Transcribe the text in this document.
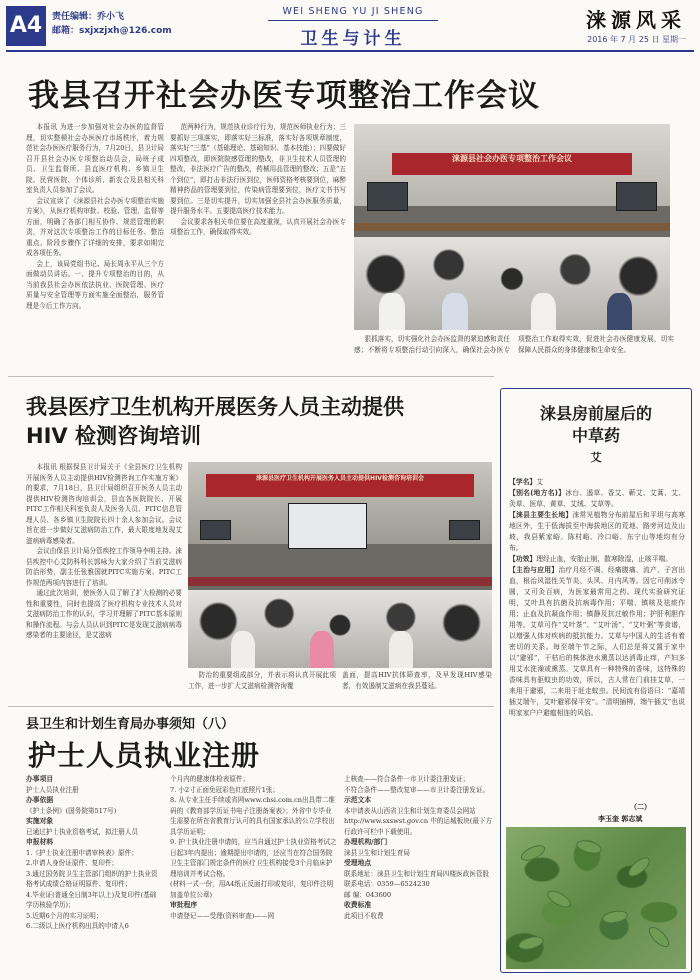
A4	责任编辑：乔小飞
邮箱：sxjxzjxh@126.com
WEI SHENG YU JI SHENG
卫生与计生
涞源风采
2016 年 7 月 25 日 星期一
我县召开社会办医专项整治工作会议

本报讯 为进一步加强对社会办医的监督管理，切实整顿社会办医医疗市场秩序，着力规范社会办医医疗服务行为，7月20日，县卫计局召开县社会办医专项整治动员会，局班子成员、卫生监督所、县直医疗机构、乡镇卫生院、民营医院、个体诊所、新农合及县相关科室负责人员参加了会议。

会议宣读了《涞源县社会办医专项整治实施方案》，从医疗机构审批、校验、管理、监督等方面，明确了各部门相互协作、规范管理的职责，并对这次专项整治工作的目标任务、整治重点、阶段步骤作了详细的安排，要求如期完成各项任务。

会上，该局党组书记、局长周永平从三个方面做动员讲话。一、提升专项整治的目的，从当前我县社会办医依法执业、医院管理、医疗质量与安全管理等方面实施全面整治，服务管理是今后工作方向。

范两种行为，规范执业诊疗行为，规范医师执业行为；三要抓好三项落实，即落实好三标准，落实好各项规章制度，落实好“三基”（基础理论、基础知识、基本技能）；四要做好四项整改，即医院院感管理的整改，非卫生技术人员管理的整改，非法医疗广告的整改，药械用品管理的整改；五是“五个到位”，即打击非法行医到位，医师资格考核要到位，麻醉精神药品的管理要到位，传染病管理要到位，医疗文书书写要到位。三是切实提升，切实加强全县社会办医服务质量，提升服务水平。五要提高医疗技术能力。

会议要求各相关单位要在高度重视，认真开展社会办医专项整治工作，确保取得实效。

涞源县社会办医专项整治工作会议

狠抓落实，切实强化社会办医监督的紧迫感和责任感；不断将专项整治行动引向深入，确保社会办医专项整治工作取得实效，促进社会办医健康发展，切实保障人民群众的身体健康和生命安全。

我县医疗卫生机构开展医务人员主动提供
HIV 检测咨询培训

本报讯 根据保县卫计局关于《全县医疗卫生机构开展医务人员主动提供HIV检测咨询工作实施方案》的要求，7月18日，县卫计局组织召开医务人员主动提供HIV检测咨询培训会，县直各医院院长、开展PITC工作相关科室负责人及医务人员、PITC信息管理人员、各乡镇卫生院院长四十余人参加会议。会议旨在进一步做好艾滋病防治工作，最大限度地发现艾滋病病毒感染者。

会议由保县卫计局分管疾控工作领导李明主持。涞县疾控中心艾防科科长郭咏为大家介绍了当前艾滋病防治形势，副主任张雅国就PITC实施方案、PITC工作规范两项内容进行了培训。

通过此次培训，使医务人员了解了扩大检测的必要性和重要性，同时也提高了医疗机构专业技术人员对艾滋病防治工作的认识，学习并理解了PITC基本原则和操作流程。与会人员认识到PITC是发现艾滋病病毒感染者的主要途径，是艾滋病

涞源县医疗卫生机构开展医务人员主动提供HIV检测咨询培训会

防治的重要组成部分，并表示将认真开展此项工作，进一步扩大艾滋病检测咨询覆

盖面，提高HIV抗体筛查率，及早发现HIV感染者，有效遏制艾滋病在我县蔓延。

县卫生和计划生育局办事须知（八）
护士人员执业注册
办事项目
护士人员执业注册
办事依据
《护士条例》(国务院第517号)
实施对象
已通过护士执业资格考试，拟注册人员
申报材料
1.《护士执业注册申请审核表》原件；
2.申请人身份证原件、复印件；
3.通过国务院卫生主管部门组织的护士执业资格考试成绩合格证明原件、复印件；
4.毕业证(普通全日制3年以上)及复印件(基础学历核验学历)；
5.近期6个月的实习证明；
6.二级以上医疗机构出具的申请人6
个月内的健康体检表原件；
7. 小2寸正面免冠彩色红底照片1张；
8. 从专业主任手续或省网www.cbsi.com.cn出具带二维码的《教育部学历证书电子注册备案表》；外省中专毕业生需要在所在省教育厅认可的具有国家承认的公立学校出具学历证明；
9. 护士执业注册申请的，应当自通过护士执业资格考试之日起3年内提出；逾期提出申请的，还应当在符合国务院卫生主管部门规定条件的医疗卫生机构接受3个月临床护理培训并考试合格。
(材料一式一份，用A4纸正反面打印或复印，复印件注明加盖单位公章)
审批程序
申请登记——受理(资料审查)——网
上核查——符合条件一市卫计委注册发证；
不符合条件——整改复审——市卫计委注册发证。
示范文本
本申请表从山西省卫生和计划生育委员会网站 http://www.sxswst.gov.cn 中的运城板块(最下方行政许可栏中下载使用。
办理机构/部门
涞县卫生和计划生育局
受理地点
联系地址：涞县卫生和计划生育局四楼医政医管股
联系电话：0359—6524230
邮 编：043600
收费标准
此项目不收费
涞县房前屋后的
中草药
艾

【学名】艾

【别名(地方名)】冰台、遏草、香艾、蕲艾、艾蒿、艾、灸草、医草、黄草、艾绒、艾草等。

【涞县主要生长地】涞常见植物分布前屋后和平坦与高寒地区外，生于低海拔至中海拔地区的荒地、路旁河边及山坡，我县紫家峪、陈村峪、冷口峪、东宁山等地均有分布。

【功效】理经止血，安胎止崩，散寒除湿，止咳平喘。

【主治与应用】治疗月经不调、经痛腹痛、流产、子宫出血，根治风湿性关节炎、头风、月内风等。因它可削冰令圆，又可灸百病，为医家最常用之药。现代实验研究证明，艾叶具有抗菌及抗病毒作用；平喘、镇咳及祛痰作用；止血及抗凝血作用；镇静及抗过敏作用；护肝利胆作用等。艾草可作“艾叶茶”、“艾叶汤”、“艾叶粥”等食谱，以增强人体对疾病的抵抗能力。艾草与中国人的生活有着密切的关系。每至端午节之际，人们总是将艾置于家中以“避邪”，干枯后的株体泡水熏蒸以达消毒止痒，产妇多用艾水洗澡或熏蒸。艾草具有一种特殊的香味，这特殊的香味具有驱蚊虫的功效，所以，古人常在门前挂艾草，一来用于避邪，二来用于赶走蚊虫。民间流有俗语曰：“嘉靖插艾端午，艾叶避邪保平安”。“清明插柳，端午插艾”也说明家家户户避瘟相连的风俗。

（二）
李玉奎 郭志斌
